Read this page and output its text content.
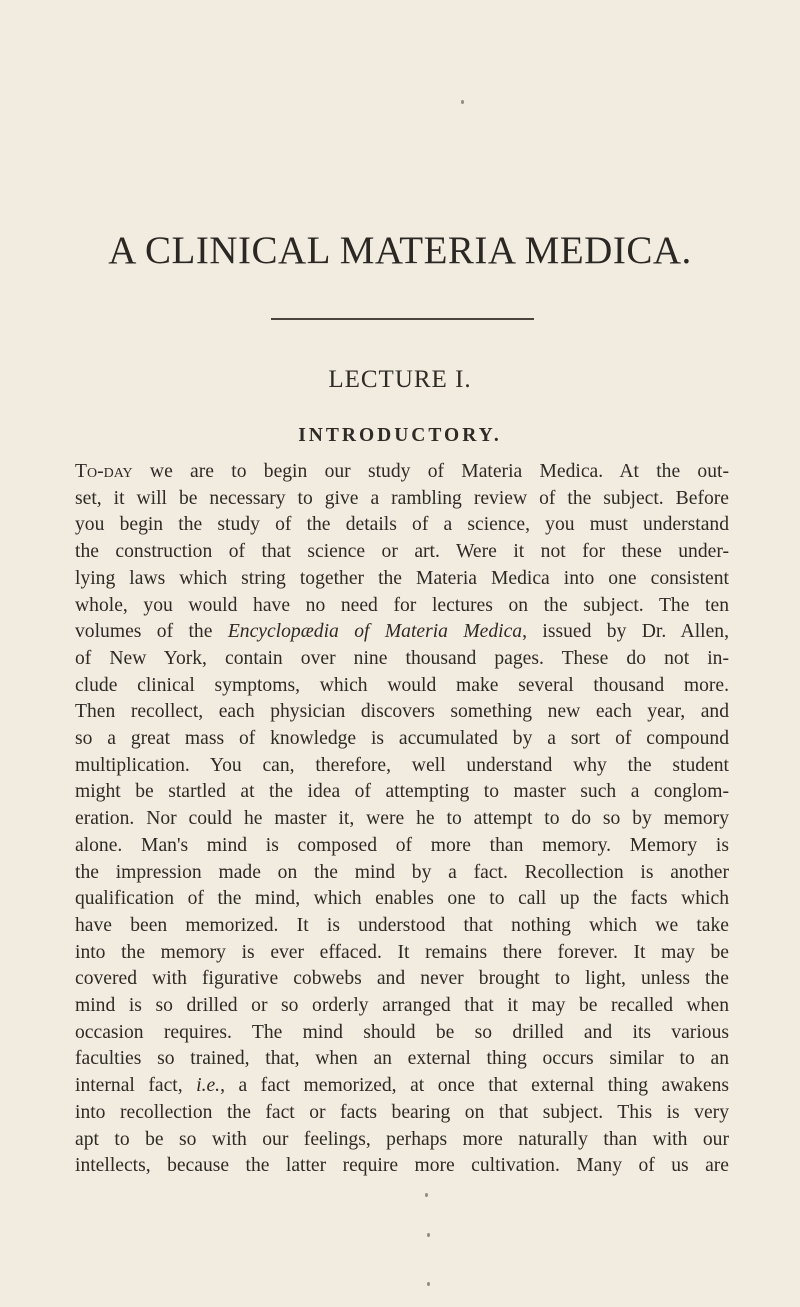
A CLINICAL MATERIA MEDICA.
LECTURE I.
INTRODUCTORY.
To-day we are to begin our study of Materia Medica. At the out-
set, it will be necessary to give a rambling review of the subject. Before
you begin the study of the details of a science, you must understand
the construction of that science or art. Were it not for these under-
lying laws which string together the Materia Medica into one consistent
whole, you would have no need for lectures on the subject. The ten
volumes of the Encyclopædia of Materia Medica, issued by Dr. Allen,
of New York, contain over nine thousand pages. These do not in-
clude clinical symptoms, which would make several thousand more.
Then recollect, each physician discovers something new each year, and
so a great mass of knowledge is accumulated by a sort of compound
multiplication. You can, therefore, well understand why the student
might be startled at the idea of attempting to master such a conglom-
eration. Nor could he master it, were he to attempt to do so by memory
alone. Man's mind is composed of more than memory. Memory is
the impression made on the mind by a fact. Recollection is another
qualification of the mind, which enables one to call up the facts which
have been memorized. It is understood that nothing which we take
into the memory is ever effaced. It remains there forever. It may be
covered with figurative cobwebs and never brought to light, unless the
mind is so drilled or so orderly arranged that it may be recalled when
occasion requires. The mind should be so drilled and its various
faculties so trained, that, when an external thing occurs similar to an
internal fact, i.e., a fact memorized, at once that external thing awakens
into recollection the fact or facts bearing on that subject. This is very
apt to be so with our feelings, perhaps more naturally than with our
intellects, because the latter require more cultivation. Many of us are
